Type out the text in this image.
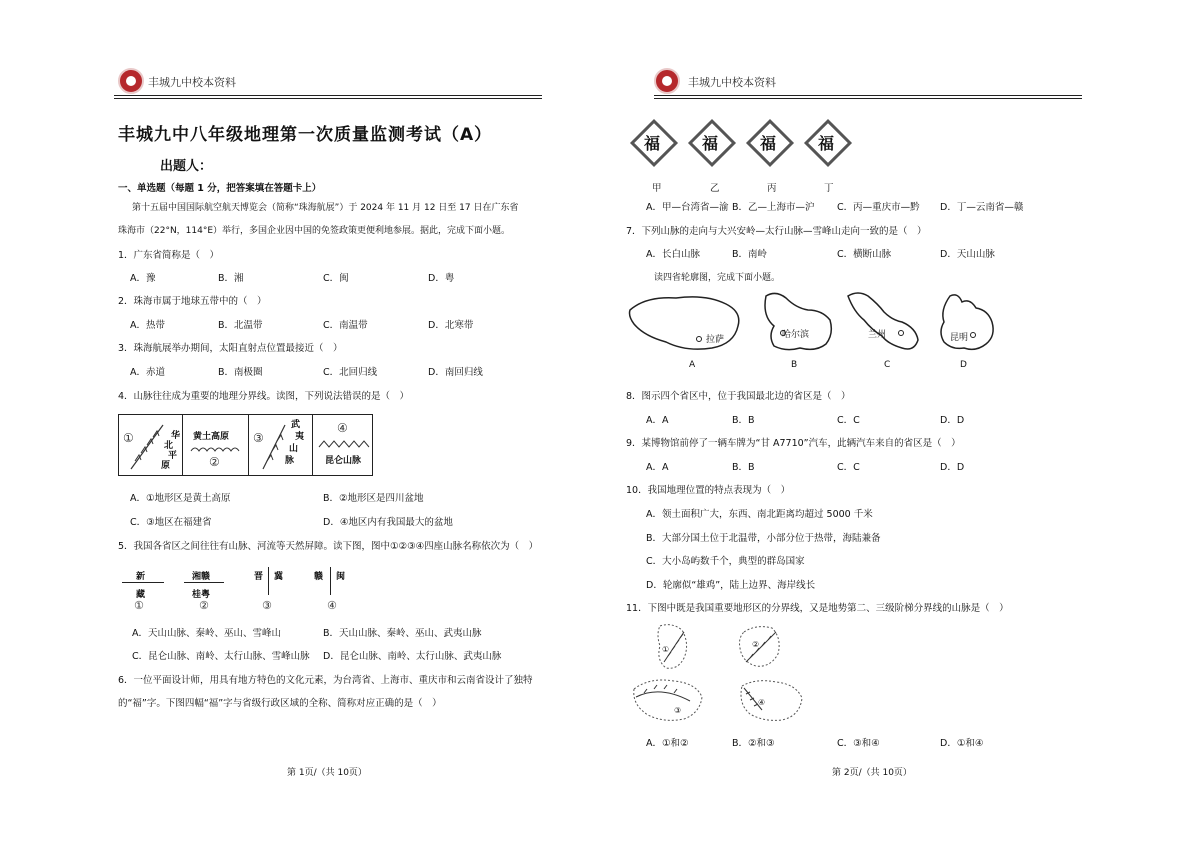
丰城九中校本资料
丰城九中八年级地理第一次质量监测考试（A）
出题人：
一、单选题（每题 1 分，把答案填在答题卡上）
第十五届中国国际航空航天博览会（简称“珠海航展”）于 2024 年 11 月 12 日至 17 日在广东省
珠海市（22°N，114°E）举行，多国企业因中国的免签政策更便利地参展。据此，完成下面小题。
1．广东省简称是（　）
A．豫	B．湘	C．闽	D．粤
2．珠海市属于地球五带中的（　）
A．热带	B．北温带	C．南温带	D．北寒带
3．珠海航展举办期间，太阳直射点位置最接近（　）
A．赤道	B．南极圈	C．北回归线	D．南回归线
4．山脉往往成为重要的地理分界线。读图，下列说法错误的是（　）
①	华
北
平
原
黄土高原
②
③
武
夷
山
脉
④
昆仑山脉
A．①地形区是黄土高原	B．②地形区是四川盆地
C．③地区在福建省	D．④地区内有我国最大的盆地
5．我国各省区之间往往有山脉、河流等天然屏障。读下图，图中①②③④四座山脉名称依次为（　）
新
藏
①
湘赣
桂粤
②
晋 冀
③
赣 闽
④
A．天山山脉、秦岭、巫山、雪峰山	B．天山山脉、秦岭、巫山、武夷山脉
C．昆仑山脉、南岭、太行山脉、雪峰山脉 D．昆仑山脉、南岭、太行山脉、武夷山脉
6．一位平面设计师，用具有地方特色的文化元素，为台湾省、上海市、重庆市和云南省设计了独特
的“福”字。下图四幅“福”字与省级行政区域的全称、简称对应正确的是（　）
第 1页/（共 10页）
丰城九中校本资料
福	福	福	福
甲	乙	丙	丁
A．甲—台湾省—渝 B．乙—上海市—沪 C．丙—重庆市—黔 D．丁—云南省—赣
7．下列山脉的走向与大兴安岭—太行山脉—雪峰山走向一致的是（　）
A．长白山脉	B．南岭	C．横断山脉	D．天山山脉
读四省轮廓图，完成下面小题。
拉萨
A
哈尔滨
B
兰州
C
昆明
D
8．图示四个省区中，位于我国最北边的省区是（　）
A．A	B．B	C．C	D．D
9．某博物馆前停了一辆车牌为“甘 A7710”汽车，此辆汽车来自的省区是（　）
A．A	B．B	C．C	D．D
10．我国地理位置的特点表现为（　）
A．领土面积广大，东西、南北距离均超过 5000 千米
B．大部分国土位于北温带，小部分位于热带，海陆兼备
C．大小岛屿数千个，典型的群岛国家
D．轮廓似“雄鸡”，陆上边界、海岸线长
11．下图中既是我国重要地形区的分界线，又是地势第二、三级阶梯分界线的山脉是（　）
①
②
③
④
A．①和②	B．②和③	C．③和④	D．①和④
第 2页/（共 10页）
